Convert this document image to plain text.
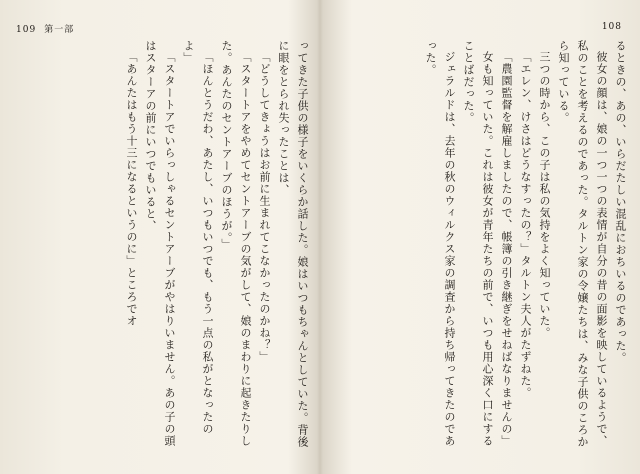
109 第一部

ってきた子供の様子をいくらか話した。娘はいつもちゃんとしていた。背後に眼をとられ失ったことは、

「どうしてきょうはお前に生まれてこなかったのかね？」

「スタートアをやめてセントアーブの気がして、娘のまわりに起きたりした。あんたのセントアーブのほうが。」

「ほんとうだわ、あたし、いつもいつでも、もう一点の私がとなったのよ」

「スタートアでいらっしゃるセントアーブがやはりいません。あの子の頭はスターアの前にいつでもいると、

「あんたはもう十三になるというのに」ところでオ

108

るときの、あの、いらだたしい混乱におちいるのであった。

彼女の顔は、娘の一つ一つの表情が自分の昔の面影を映しているようで、私のことを考えるのであった。タルトン家の令嬢たちは、みな子供のころから知っている。

三つの時から、この子は私の気持をよく知っていた。

「エレン、けさはどうなすったの？」タルトン夫人がたずねた。

「農園監督を解雇しましたので、帳簿の引き継ぎをせねばなりませんの」

女も知っていた。これは彼女が青年たちの前で、いつも用心深く口にすることばだった。

ジェラルドは、去年の秋のウィルクス家の調査から持ち帰ってきたのであった。
